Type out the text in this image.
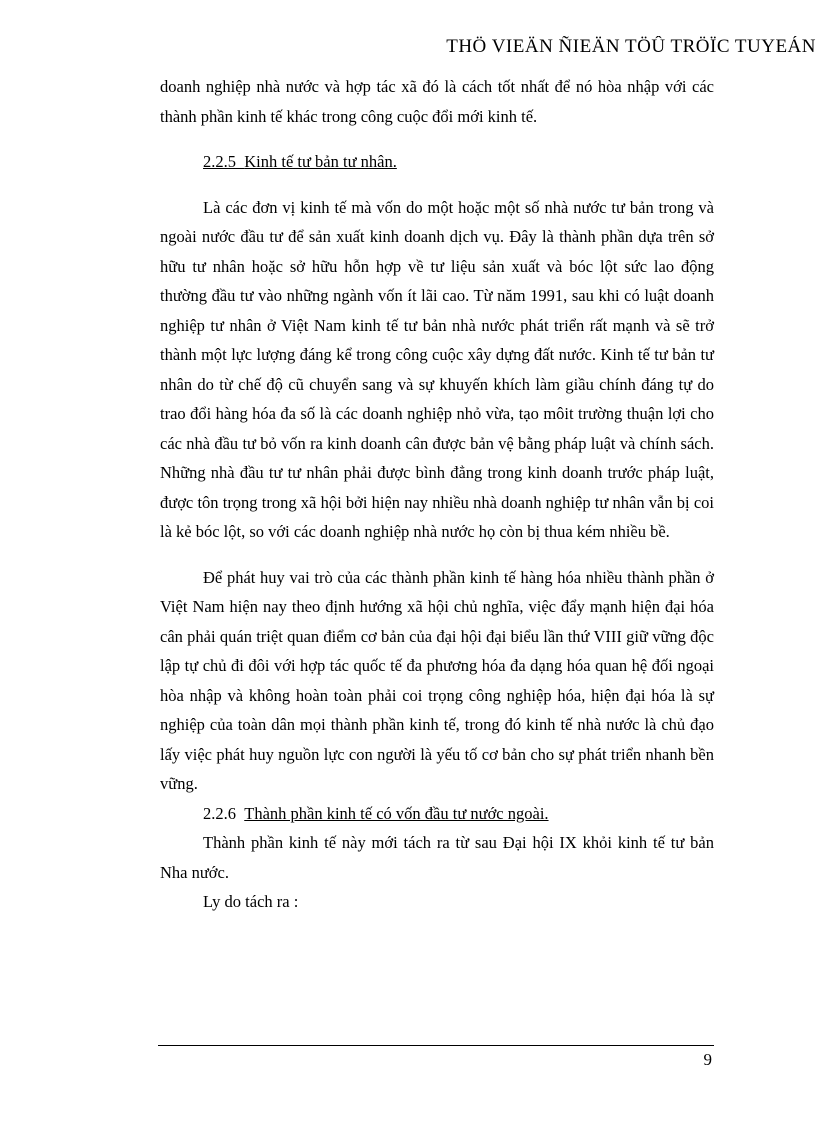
THÖ VIEÄN ÑIEÄN TÖÛ TRÖÏC TUYEÁN

doanh nghiệp nhà nước và hợp tác xã đó là cách tốt nhất để nó hòa nhập với các thành phần kinh tế khác trong công cuộc đổi mới kinh tế.

2.2.5 Kinh tế tư bản tư nhân.

Là các đơn vị kinh tế mà vốn do một hoặc một số nhà nước tư bản trong và ngoài nước đầu tư để sản xuất kinh doanh dịch vụ. Đây là thành phần dựa trên sở hữu tư nhân hoặc sở hữu hỗn hợp về tư liệu sản xuất và bóc lột sức lao động thường đầu tư vào những ngành vốn ít lãi cao. Từ năm 1991, sau khi có luật doanh nghiệp tư nhân ở Việt Nam kinh tế tư bản nhà nước phát triển rất mạnh và sẽ trở thành một lực lượng đáng kể trong công cuộc xây dựng đất nước. Kinh tế tư bản tư nhân do từ chế độ cũ chuyển sang và sự khuyến khích làm giầu chính đáng tự do trao đổi hàng hóa đa số là các doanh nghiệp nhỏ vừa, tạo môit trường thuận lợi cho các nhà đầu tư bỏ vốn ra kinh doanh cân được bản vệ bằng pháp luật và chính sách. Những nhà đầu tư tư nhân phải được bình đẳng trong kinh doanh trước pháp luật, được tôn trọng trong xã hội bởi hiện nay nhiều nhà doanh nghiệp tư nhân vẫn bị coi là kẻ bóc lột, so với các doanh nghiệp nhà nước họ còn bị thua kém nhiều bề.

Để phát huy vai trò của các thành phần kinh tế hàng hóa nhiều thành phần ở Việt Nam hiện nay theo định hướng xã hội chủ nghĩa, việc đẩy mạnh hiện đại hóa cân phải quán triệt quan điểm cơ bản của đại hội đại biểu lần thứ VIII giữ vững độc lập tự chủ đi đôi với hợp tác quốc tế đa phương hóa đa dạng hóa quan hệ đối ngoại hòa nhập và không hoàn toàn phải coi trọng công nghiệp hóa, hiện đại hóa là sự nghiệp của toàn dân mọi thành phần kinh tế, trong đó kinh tế nhà nước là chủ đạo lấy việc phát huy nguồn lực con người là yếu tố cơ bản cho sự phát triển nhanh bền vững.

2.2.6 Thành phần kinh tế có vốn đầu tư nước ngoài.

Thành phần kinh tế này mới tách ra từ sau Đại hội IX khỏi kinh tế tư bản Nha nước.

Ly do tách ra :

9
